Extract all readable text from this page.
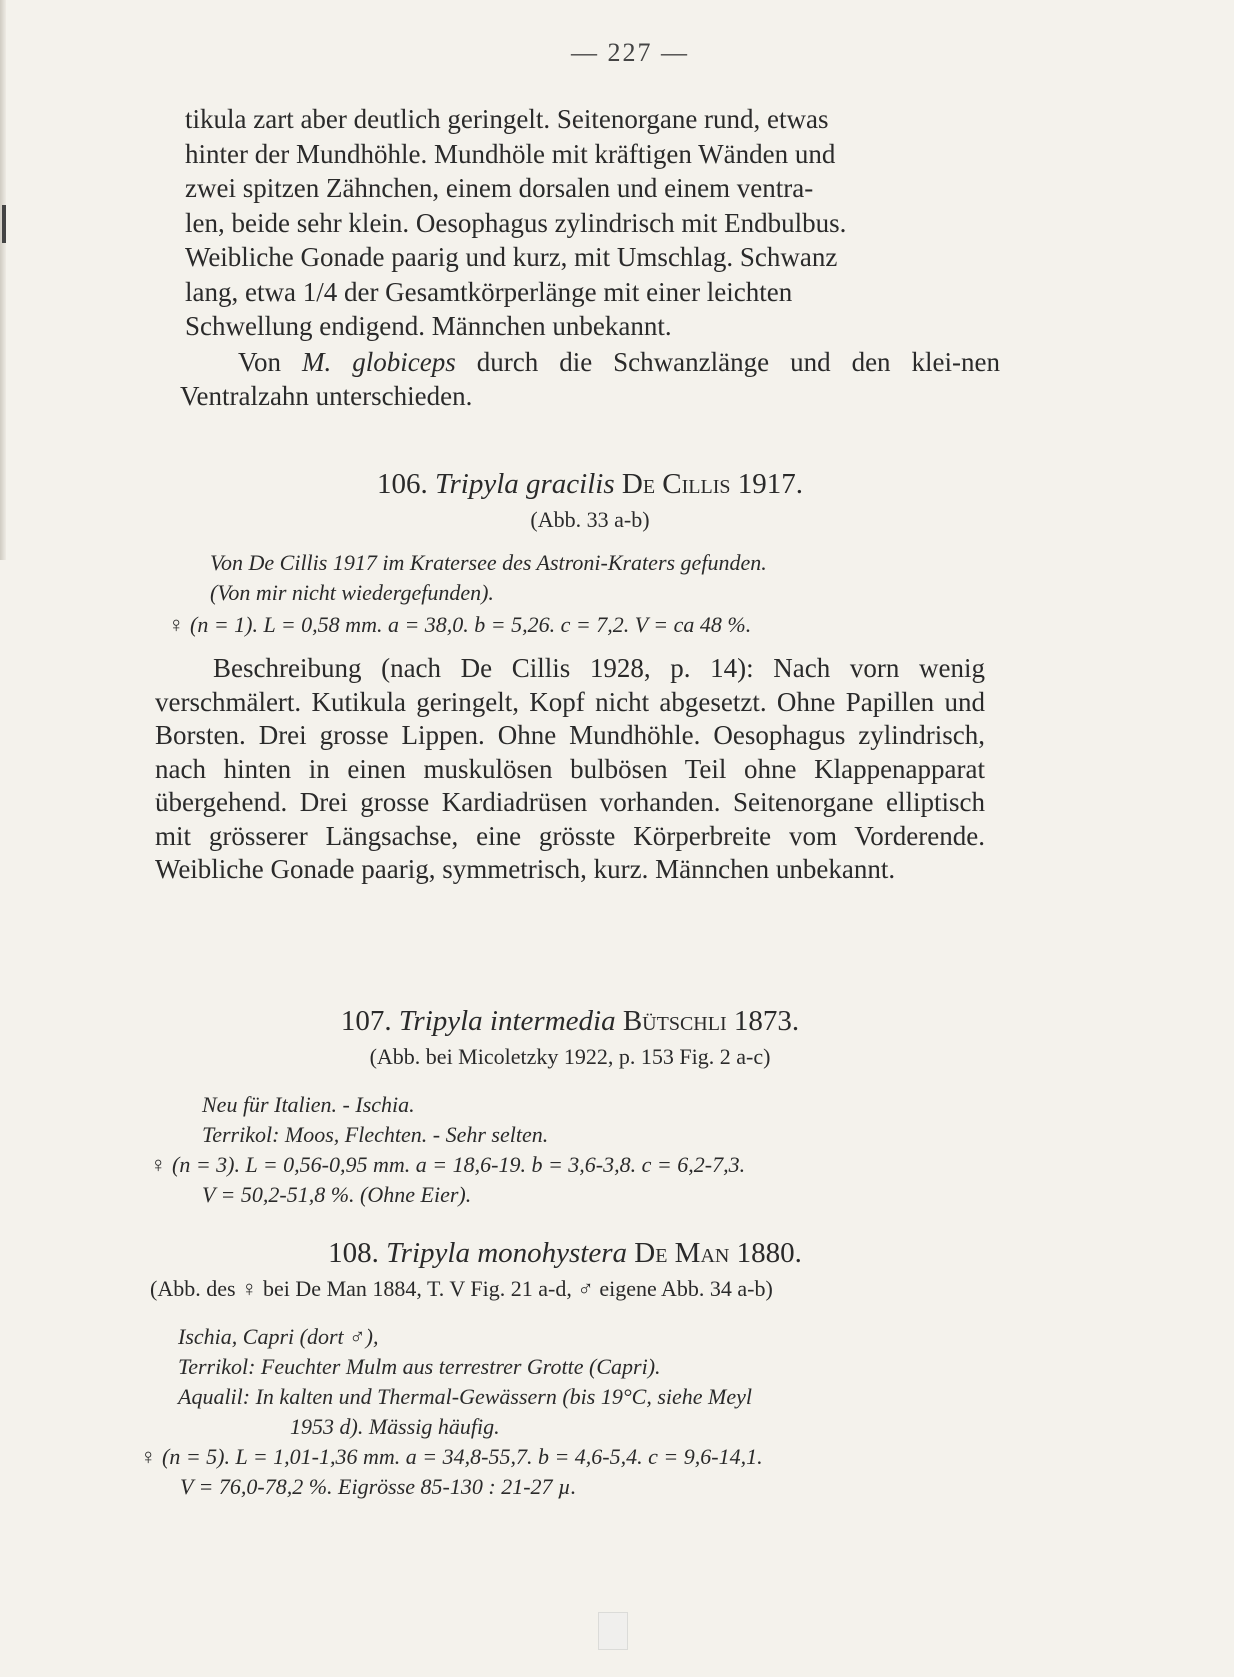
— 227 —

tikula zart aber deutlich geringelt. Seitenorgane rund, etwas

hinter der Mundhöhle. Mundhöle mit kräftigen Wänden und

zwei spitzen Zähnchen, einem dorsalen und einem ventra-

len, beide sehr klein. Oesophagus zylindrisch mit Endbulbus.

Weibliche Gonade paarig und kurz, mit Umschlag. Schwanz

lang, etwa 1/4 der Gesamtkörperlänge mit einer leichten

Schwellung endigend. Männchen unbekannt.

Von M. globiceps durch die Schwanzlänge und den klei-nen Ventralzahn unterschieden.

106. Tripyla gracilis De Cillis 1917.

(Abb. 33 a-b)

Von De Cillis 1917 im Kratersee des Astroni-Kraters gefunden.

(Von mir nicht wiedergefunden).

♀ (n = 1). L = 0,58 mm. a = 38,0. b = 5,26. c = 7,2. V = ca 48 %.

Beschreibung (nach De Cillis 1928, p. 14): Nach vorn wenig verschmälert. Kutikula geringelt, Kopf nicht abgesetzt. Ohne Papillen und Borsten. Drei grosse Lippen. Ohne Mundhöhle. Oesophagus zylindrisch, nach hinten in einen muskulösen bulbösen Teil ohne Klappenapparat übergehend. Drei grosse Kardiadrüsen vorhanden. Seitenorgane elliptisch mit grösserer Längsachse, eine grösste Körperbreite vom Vorderende. Weibliche Gonade paarig, symmetrisch, kurz. Männchen unbekannt.

107. Tripyla intermedia Bütschli 1873.

(Abb. bei Micoletzky 1922, p. 153 Fig. 2 a-c)

Neu für Italien. - Ischia.

Terrikol: Moos, Flechten. - Sehr selten.

♀ (n = 3). L = 0,56-0,95 mm. a = 18,6-19. b = 3,6-3,8. c = 6,2-7,3.

V = 50,2-51,8 %. (Ohne Eier).

108. Tripyla monohystera De Man 1880.

(Abb. des ♀ bei De Man 1884, T. V Fig. 21 a-d, ♂ eigene Abb. 34 a-b)

Ischia, Capri (dort ♂),

Terrikol: Feuchter Mulm aus terrestrer Grotte (Capri).

Aqualil: In kalten und Thermal-Gewässern (bis 19°C, siehe Meyl

1953 d). Mässig häufig.

♀ (n = 5). L = 1,01-1,36 mm. a = 34,8-55,7. b = 4,6-5,4. c = 9,6-14,1.

V = 76,0-78,2 %. Eigrösse 85-130 : 21-27 µ.
